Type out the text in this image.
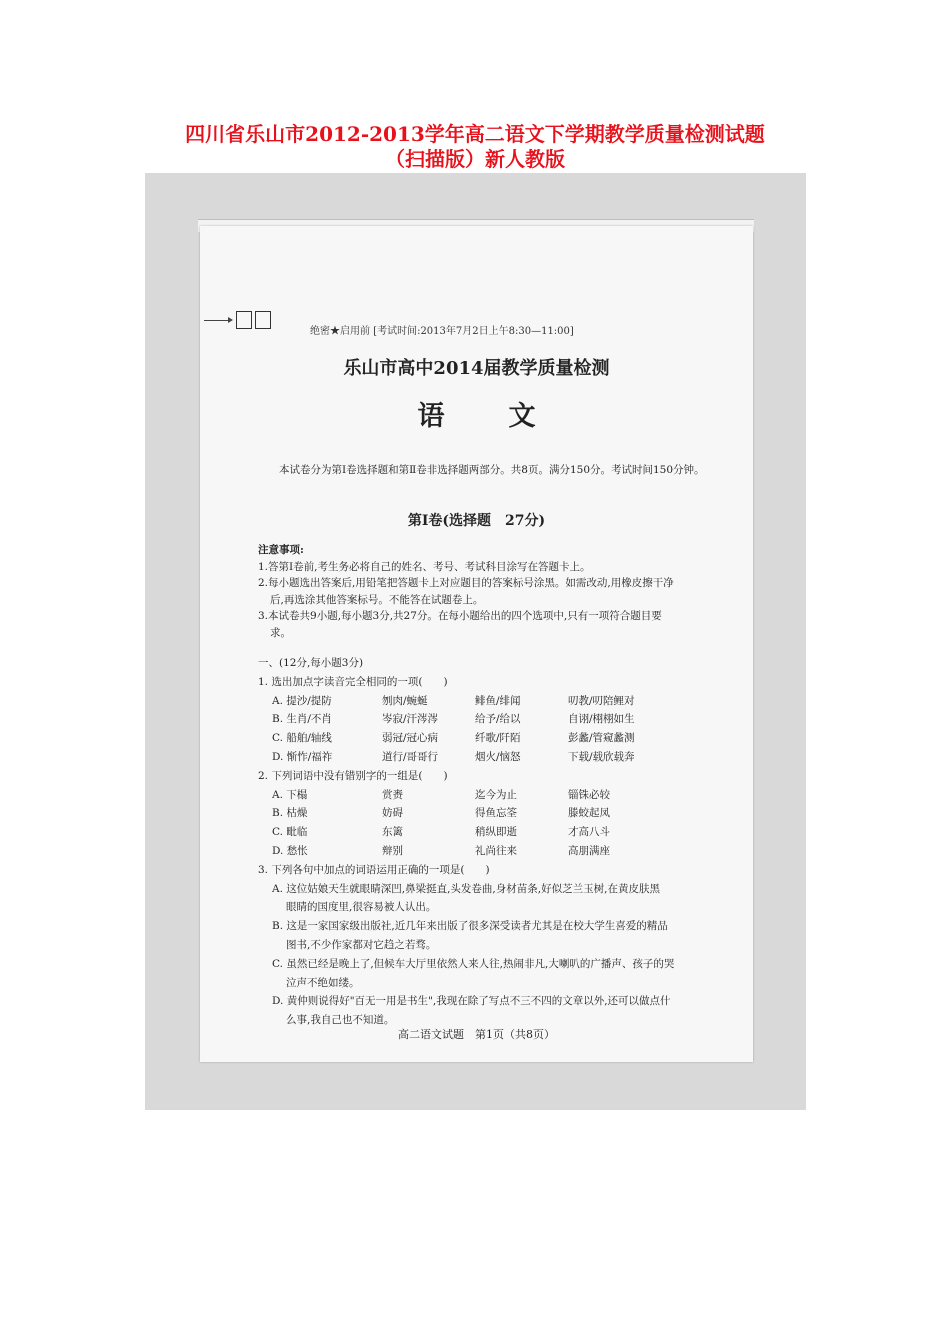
四川省乐山市2012-2013学年高二语文下学期教学质量检测试题
（扫描版）新人教版
绝密★启用前 [考试时间:2013年7月2日上午8:30—11:00]
乐山市高中2014届教学质量检测
语文
本试卷分为第Ⅰ卷选择题和第Ⅱ卷非选择题两部分。共8页。满分150分。考试时间150分钟。
第Ⅰ卷(选择题　27分)
注意事项:
1.答第Ⅰ卷前,考生务必将自己的姓名、考号、考试科目涂写在答题卡上。
2.每小题选出答案后,用铅笔把答题卡上对应题目的答案标号涂黑。如需改动,用橡皮擦干净
后,再选涂其他答案标号。不能答在试题卷上。
3.本试卷共9小题,每小题3分,共27分。在每小题给出的四个选项中,只有一项符合题目要
求。
一、(12分,每小题3分)
1. 选出加点字读音完全相同的一项(　　)
A. 提沙/提防	刎肉/蜿蜒	鲱鱼/绯闻	叨教/叨陪鲤对
B. 生肖/不肖	岑寂/汗涔涔	给予/给以	自诩/栩栩如生
C. 船舶/轴线	弱冠/冠心病	纤歌/阡陌	彭蠡/管窥蠡测
D. 惭怍/福祚	道行/哥哥行	烟火/恼怒	下载/载欣载奔
2. 下列词语中没有错别字的一组是(　　)
A. 下榻	赏赉	迄今为止	锱铢必较
B. 枯燥	妨碍	得鱼忘筌	滕蛟起凤
C. 毗临	东篱	稍纵即逝	才高八斗
D. 愁怅	辩别	礼尚往来	高朋满座
3. 下列各句中加点的词语运用正确的一项是(　　)
A. 这位姑娘天生就眼睛深凹,鼻梁挺直,头发卷曲,身材苗条,好似芝兰玉树,在黄皮肤黑
眼睛的国度里,很容易被人认出。
B. 这是一家国家级出版社,近几年来出版了很多深受读者尤其是在校大学生喜爱的精品
图书,不少作家都对它趋之若骛。
C. 虽然已经是晚上了,但候车大厅里依然人来人往,热闹非凡,大喇叭的广播声、孩子的哭
泣声不绝如缕。
D. 黄仲则说得好"百无一用是书生",我现在除了写点不三不四的文章以外,还可以做点什
么事,我自己也不知道。
高二语文试题　第1页（共8页）
